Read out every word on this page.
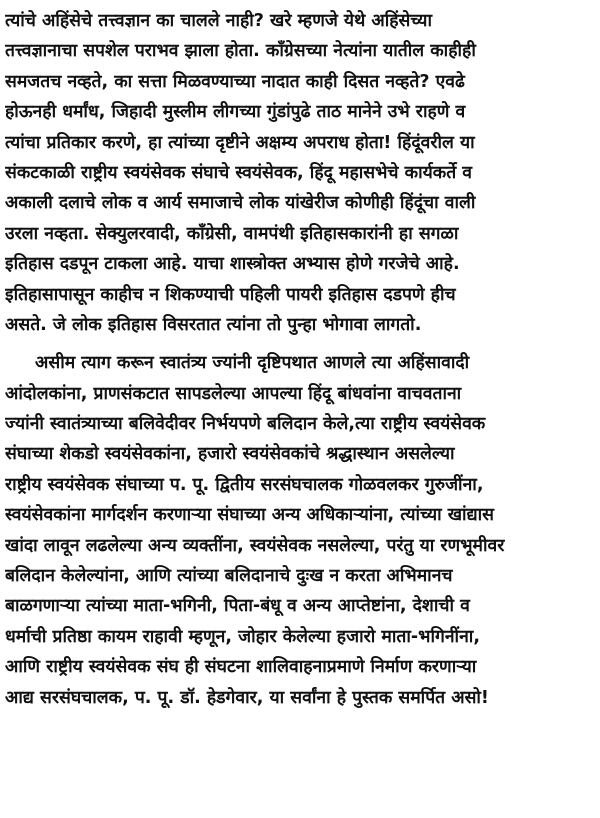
त्यांचे अहिंसेचे तत्त्वज्ञान का चालले नाही? खरे म्हणजे येथे अहिंसेच्या
तत्त्वज्ञानाचा सपशेल पराभव झाला होता. कॉंग्रेसच्या नेत्यांना यातील काहीही
समजतच नव्हते, का सत्ता मिळवण्याच्या नादात काही दिसत नव्हते? एवढे
होऊनही धर्मांध, जिहादी मुस्लीम लीगच्या गुंडांपुढे ताठ मानेने उभे राहणे व
त्यांचा प्रतिकार करणे, हा त्यांच्या दृष्टीने अक्षम्य अपराध होता! हिंदूंवरील या
संकटकाळी राष्ट्रीय स्वयंसेवक संघाचे स्वयंसेवक, हिंदू महासभेचे कार्यकर्ते व
अकाली दलाचे लोक व आर्य समाजाचे लोक यांखेरीज कोणीही हिंदूंचा वाली
उरला नव्हता. सेक्युलरवादी, कॉंग्रेसी, वामपंथी इतिहासकारांनी हा सगळा
इतिहास दडपून टाकला आहे. याचा शास्त्रोक्त अभ्यास होणे गरजेचे आहे.
इतिहासापासून काहीच न शिकण्याची पहिली पायरी इतिहास दडपणे हीच
असते. जे लोक इतिहास विसरतात त्यांना तो पुन्हा भोगावा लागतो.
असीम त्याग करून स्वातंत्र्य ज्यांनी दृष्टिपथात आणले त्या अहिंसावादी
आंदोलकांना, प्राणसंकटात सापडलेल्या आपल्या हिंदू बांधवांना वाचवताना
ज्यांनी स्वातंत्र्याच्या बलिवेदीवर निर्भयपणे बलिदान केले,त्या राष्ट्रीय स्वयंसेवक
संघाच्या शेकडो स्वयंसेवकांना, हजारो स्वयंसेवकांचे श्रद्धास्थान असलेल्या
राष्ट्रीय स्वयंसेवक संघाच्या प. पू. द्वितीय सरसंघचालक गोळवलकर गुरुजींना,
स्वयंसेवकांना मार्गदर्शन करणाऱ्या संघाच्या अन्य अधिकाऱ्यांना, त्यांच्या खांद्यास
खांदा लावून लढलेल्या अन्य व्यक्तींना, स्वयंसेवक नसलेल्या, परंतु या रणभूमीवर
बलिदान केलेल्यांना, आणि त्यांच्या बलिदानाचे दुःख न करता अभिमानच
बाळगणाऱ्या त्यांच्या माता-भगिनी, पिता-बंधू व अन्य आप्तेष्टांना, देशाची व
धर्माची प्रतिष्ठा कायम राहावी म्हणून, जोहार केलेल्या हजारो माता-भगिनींना,
आणि राष्ट्रीय स्वयंसेवक संघ ही संघटना शालिवाहनाप्रमाणे निर्माण करणाऱ्या
आद्य सरसंघचालक, प. पू. डॉ. हेडगेवार, या सर्वांना हे पुस्तक समर्पित असो!
